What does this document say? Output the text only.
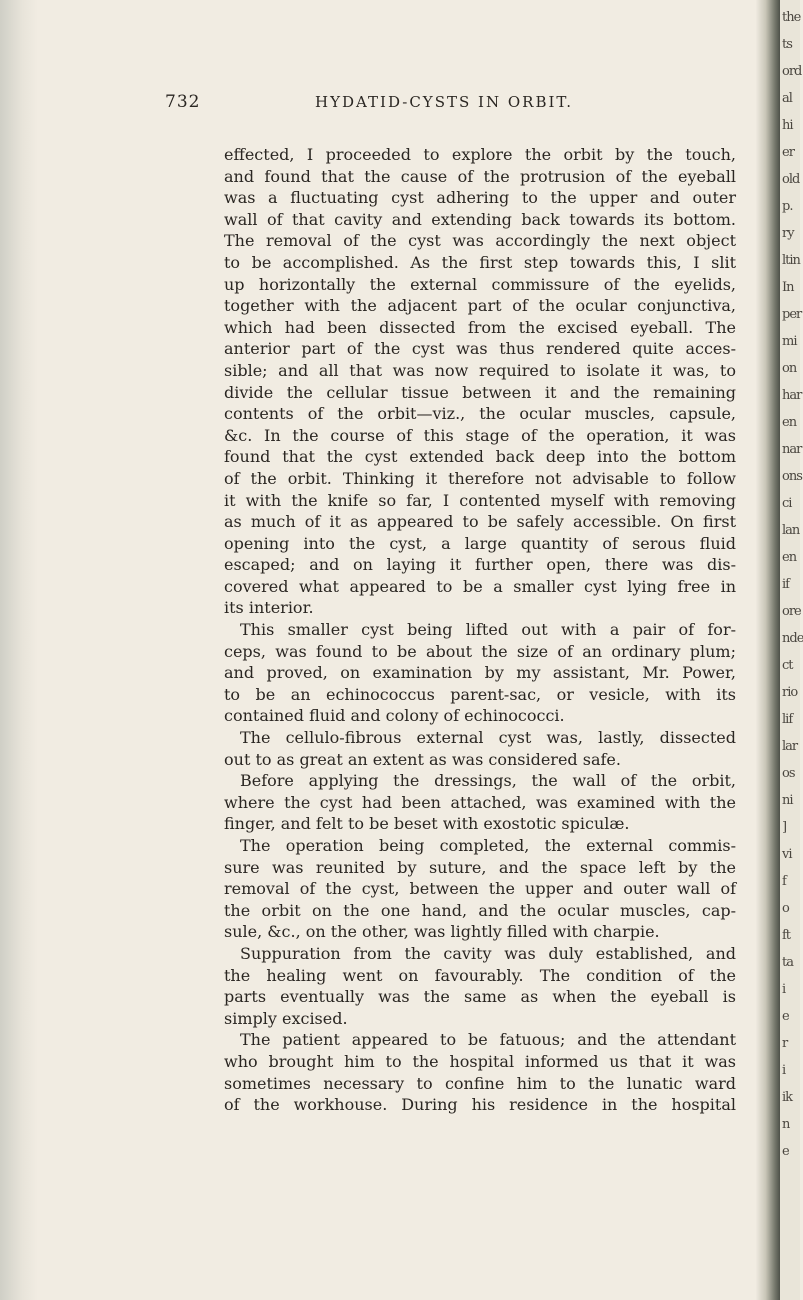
732	HYDATID-CYSTS IN ORBIT.
effected, I proceeded to explore the orbit by the touch,
and found that the cause of the protrusion of the eyeball
was a fluctuating cyst adhering to the upper and outer
wall of that cavity and extending back towards its bottom.
The removal of the cyst was accordingly the next object
to be accomplished. As the first step towards this, I slit
up horizontally the external commissure of the eyelids,
together with the adjacent part of the ocular conjunctiva,
which had been dissected from the excised eyeball. The
anterior part of the cyst was thus rendered quite acces-
sible; and all that was now required to isolate it was, to
divide the cellular tissue between it and the remaining
contents of the orbit—viz., the ocular muscles, capsule,
&c. In the course of this stage of the operation, it was
found that the cyst extended back deep into the bottom
of the orbit. Thinking it therefore not advisable to follow
it with the knife so far, I contented myself with removing
as much of it as appeared to be safely accessible. On first
opening into the cyst, a large quantity of serous fluid
escaped; and on laying it further open, there was dis-
covered what appeared to be a smaller cyst lying free in
its interior.
This smaller cyst being lifted out with a pair of for-
ceps, was found to be about the size of an ordinary plum;
and proved, on examination by my assistant, Mr. Power,
to be an echinococcus parent-sac, or vesicle, with its
contained fluid and colony of echinococci.
The cellulo-fibrous external cyst was, lastly, dissected
out to as great an extent as was considered safe.
Before applying the dressings, the wall of the orbit,
where the cyst had been attached, was examined with the
finger, and felt to be beset with exostotic spiculæ.
The operation being completed, the external commis-
sure was reunited by suture, and the space left by the
removal of the cyst, between the upper and outer wall of
the orbit on the one hand, and the ocular muscles, cap-
sule, &c., on the other, was lightly filled with charpie.
Suppuration from the cavity was duly established, and
the healing went on favourably. The condition of the
parts eventually was the same as when the eyeball is
simply excised.
The patient appeared to be fatuous; and the attendant
who brought him to the hospital informed us that it was
sometimes necessary to confine him to the lunatic ward
of the workhouse. During his residence in the hospital
the
ts
ord
al
hi
er
old
p.
ry
ltin
In
per
mi
on
har
en
nar
ons
ci
lan
en
if
ore
nde
ct
rio
lif
lar
os
ni
]
vi
f
o
ft
ta
i
e
r
i
ik
n
e
